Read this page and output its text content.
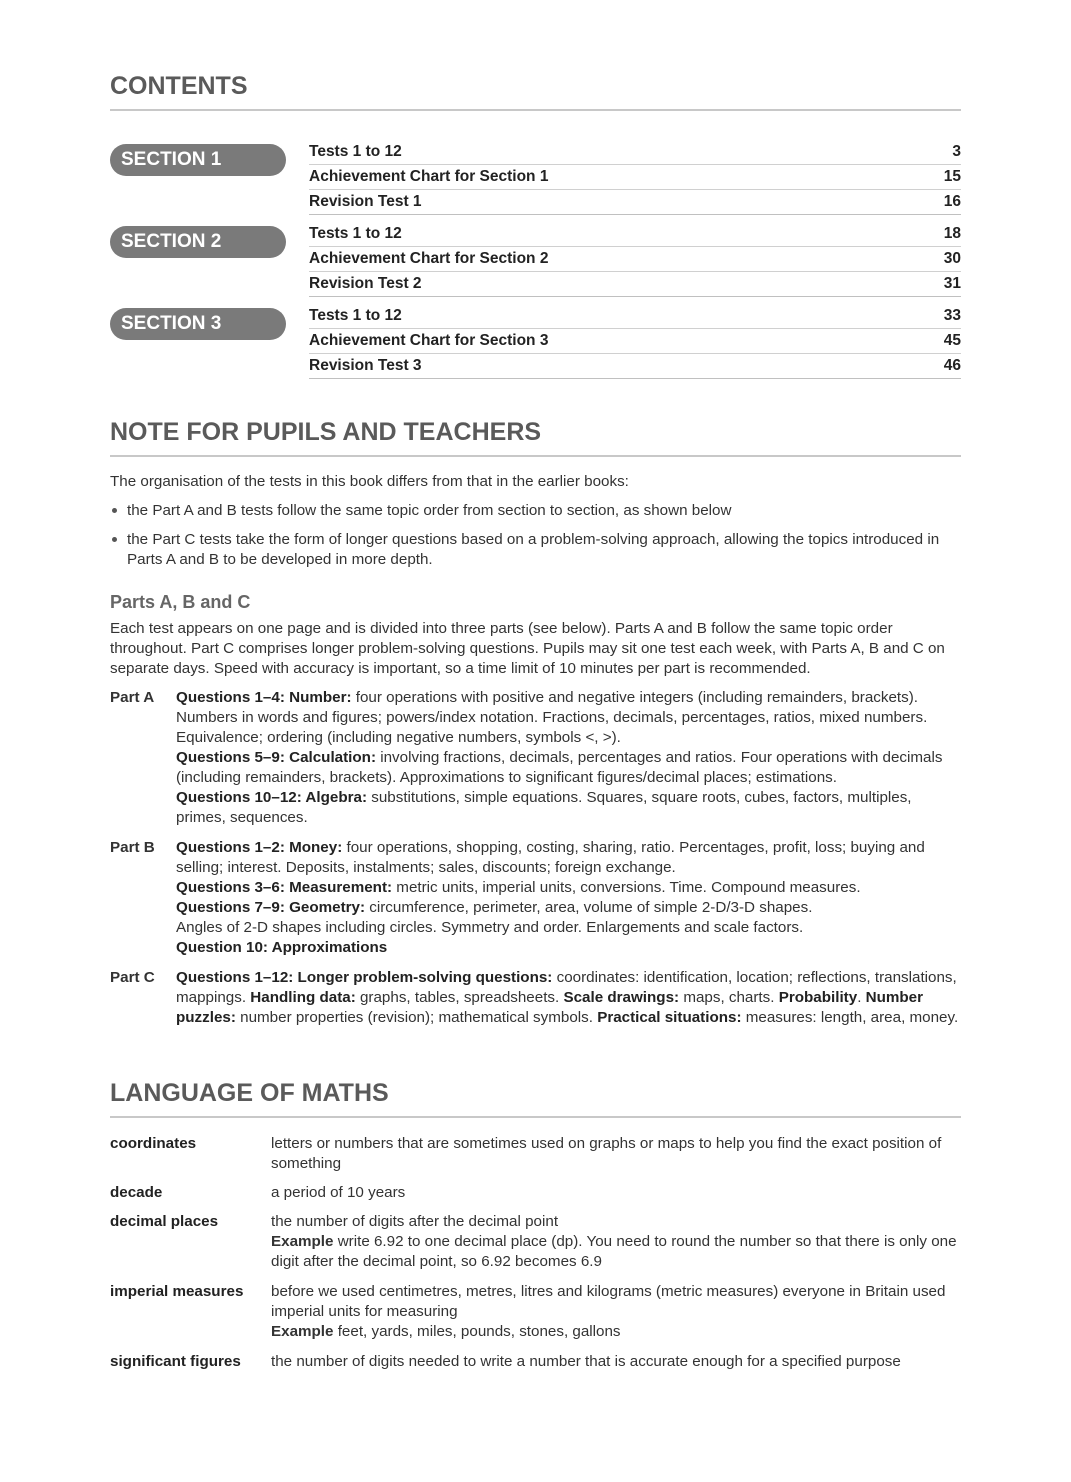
CONTENTS
SECTION 1	Tests 1 to 12	3
Achievement Chart for Section 1	15
Revision Test 1	16
SECTION 2	Tests 1 to 12	18
Achievement Chart for Section 2	30
Revision Test 2	31
SECTION 3	Tests 1 to 12	33
Achievement Chart for Section 3	45
Revision Test 3	46
NOTE FOR PUPILS AND TEACHERS
The organisation of the tests in this book differs from that in the earlier books:
the Part A and B tests follow the same topic order from section to section, as shown below
the Part C tests take the form of longer questions based on a problem-solving approach, allowing the topics introduced in Parts A and B to be developed in more depth.
Parts A, B and C
Each test appears on one page and is divided into three parts (see below). Parts A and B follow the same topic order throughout. Part C comprises longer problem-solving questions. Pupils may sit one test each week, with Parts A, B and C on separate days. Speed with accuracy is important, so a time limit of 10 minutes per part is recommended.
Part A	Questions 1–4: Number: four operations with positive and negative integers (including remainders, brackets). Numbers in words and figures; powers/index notation. Fractions, decimals, percentages, ratios, mixed numbers. Equivalence; ordering (including negative numbers, symbols <, >).
Questions 5–9: Calculation: involving fractions, decimals, percentages and ratios. Four operations with decimals (including remainders, brackets). Approximations to significant figures/decimal places; estimations.
Questions 10–12: Algebra: substitutions, simple equations. Squares, square roots, cubes, factors, multiples, primes, sequences.
Part B	Questions 1–2: Money: four operations, shopping, costing, sharing, ratio. Percentages, profit, loss; buying and selling; interest. Deposits, instalments; sales, discounts; foreign exchange.
Questions 3–6: Measurement: metric units, imperial units, conversions. Time. Compound measures.
Questions 7–9: Geometry: circumference, perimeter, area, volume of simple 2-D/3-D shapes.
Angles of 2-D shapes including circles. Symmetry and order. Enlargements and scale factors.
Question 10: Approximations
Part C	Questions 1–12: Longer problem-solving questions: coordinates: identification, location; reflections, translations, mappings. Handling data: graphs, tables, spreadsheets. Scale drawings: maps, charts. Probability. Number puzzles: number properties (revision); mathematical symbols. Practical situations: measures: length, area, money.
LANGUAGE OF MATHS
coordinates	letters or numbers that are sometimes used on graphs or maps to help you find the exact position of something
decade	a period of 10 years
decimal places	the number of digits after the decimal point
Example write 6.92 to one decimal place (dp). You need to round the number so that there is only one digit after the decimal point, so 6.92 becomes 6.9
imperial measures	before we used centimetres, metres, litres and kilograms (metric measures) everyone in Britain used imperial units for measuring
Example feet, yards, miles, pounds, stones, gallons
significant figures	the number of digits needed to write a number that is accurate enough for a specified purpose
